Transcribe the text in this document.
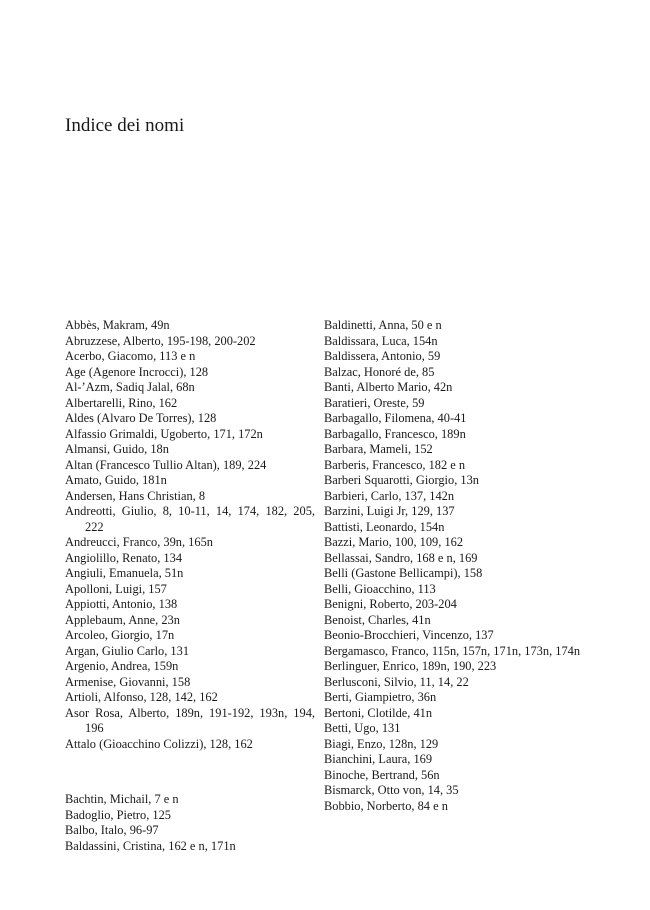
Indice dei nomi

Abbès, Makram, 49n

Abruzzese, Alberto, 195-198, 200-202

Acerbo, Giacomo, 113 e n

Age (Agenore Incrocci), 128

Al-’Azm, Sadiq Jalal, 68n

Albertarelli, Rino, 162

Aldes (Alvaro De Torres), 128

Alfassio Grimaldi, Ugoberto, 171, 172n

Almansi, Guido, 18n

Altan (Francesco Tullio Altan), 189, 224

Amato, Guido, 181n

Andersen, Hans Christian, 8

Andreotti, Giulio, 8, 10-11, 14, 174, 182, 205, 222

Andreucci, Franco, 39n, 165n

Angiolillo, Renato, 134

Angiuli, Emanuela, 51n

Apolloni, Luigi, 157

Appiotti, Antonio, 138

Applebaum, Anne, 23n

Arcoleo, Giorgio, 17n

Argan, Giulio Carlo, 131

Argenio, Andrea, 159n

Armenise, Giovanni, 158

Artioli, Alfonso, 128, 142, 162

Asor Rosa, Alberto, 189n, 191-192, 193n, 194, 196

Attalo (Gioacchino Colizzi), 128, 162

Bachtin, Michail, 7 e n

Badoglio, Pietro, 125

Balbo, Italo, 96-97

Baldassini, Cristina, 162 e n, 171n

Baldinetti, Anna, 50 e n

Baldissara, Luca, 154n

Baldissera, Antonio, 59

Balzac, Honoré de, 85

Banti, Alberto Mario, 42n

Baratieri, Oreste, 59

Barbagallo, Filomena, 40-41

Barbagallo, Francesco, 189n

Barbara, Mameli, 152

Barberis, Francesco, 182 e n

Barberi Squarotti, Giorgio, 13n

Barbieri, Carlo, 137, 142n

Barzini, Luigi Jr, 129, 137

Battisti, Leonardo, 154n

Bazzi, Mario, 100, 109, 162

Bellassai, Sandro, 168 e n, 169

Belli (Gastone Bellicampi), 158

Belli, Gioacchino, 113

Benigni, Roberto, 203-204

Benoist, Charles, 41n

Beonio-Brocchieri, Vincenzo, 137

Bergamasco, Franco, 115n, 157n, 171n, 173n, 174n

Berlinguer, Enrico, 189n, 190, 223

Berlusconi, Silvio, 11, 14, 22

Berti, Giampietro, 36n

Bertoni, Clotilde, 41n

Betti, Ugo, 131

Biagi, Enzo, 128n, 129

Bianchini, Laura, 169

Binoche, Bertrand, 56n

Bismarck, Otto von, 14, 35

Bobbio, Norberto, 84 e n
